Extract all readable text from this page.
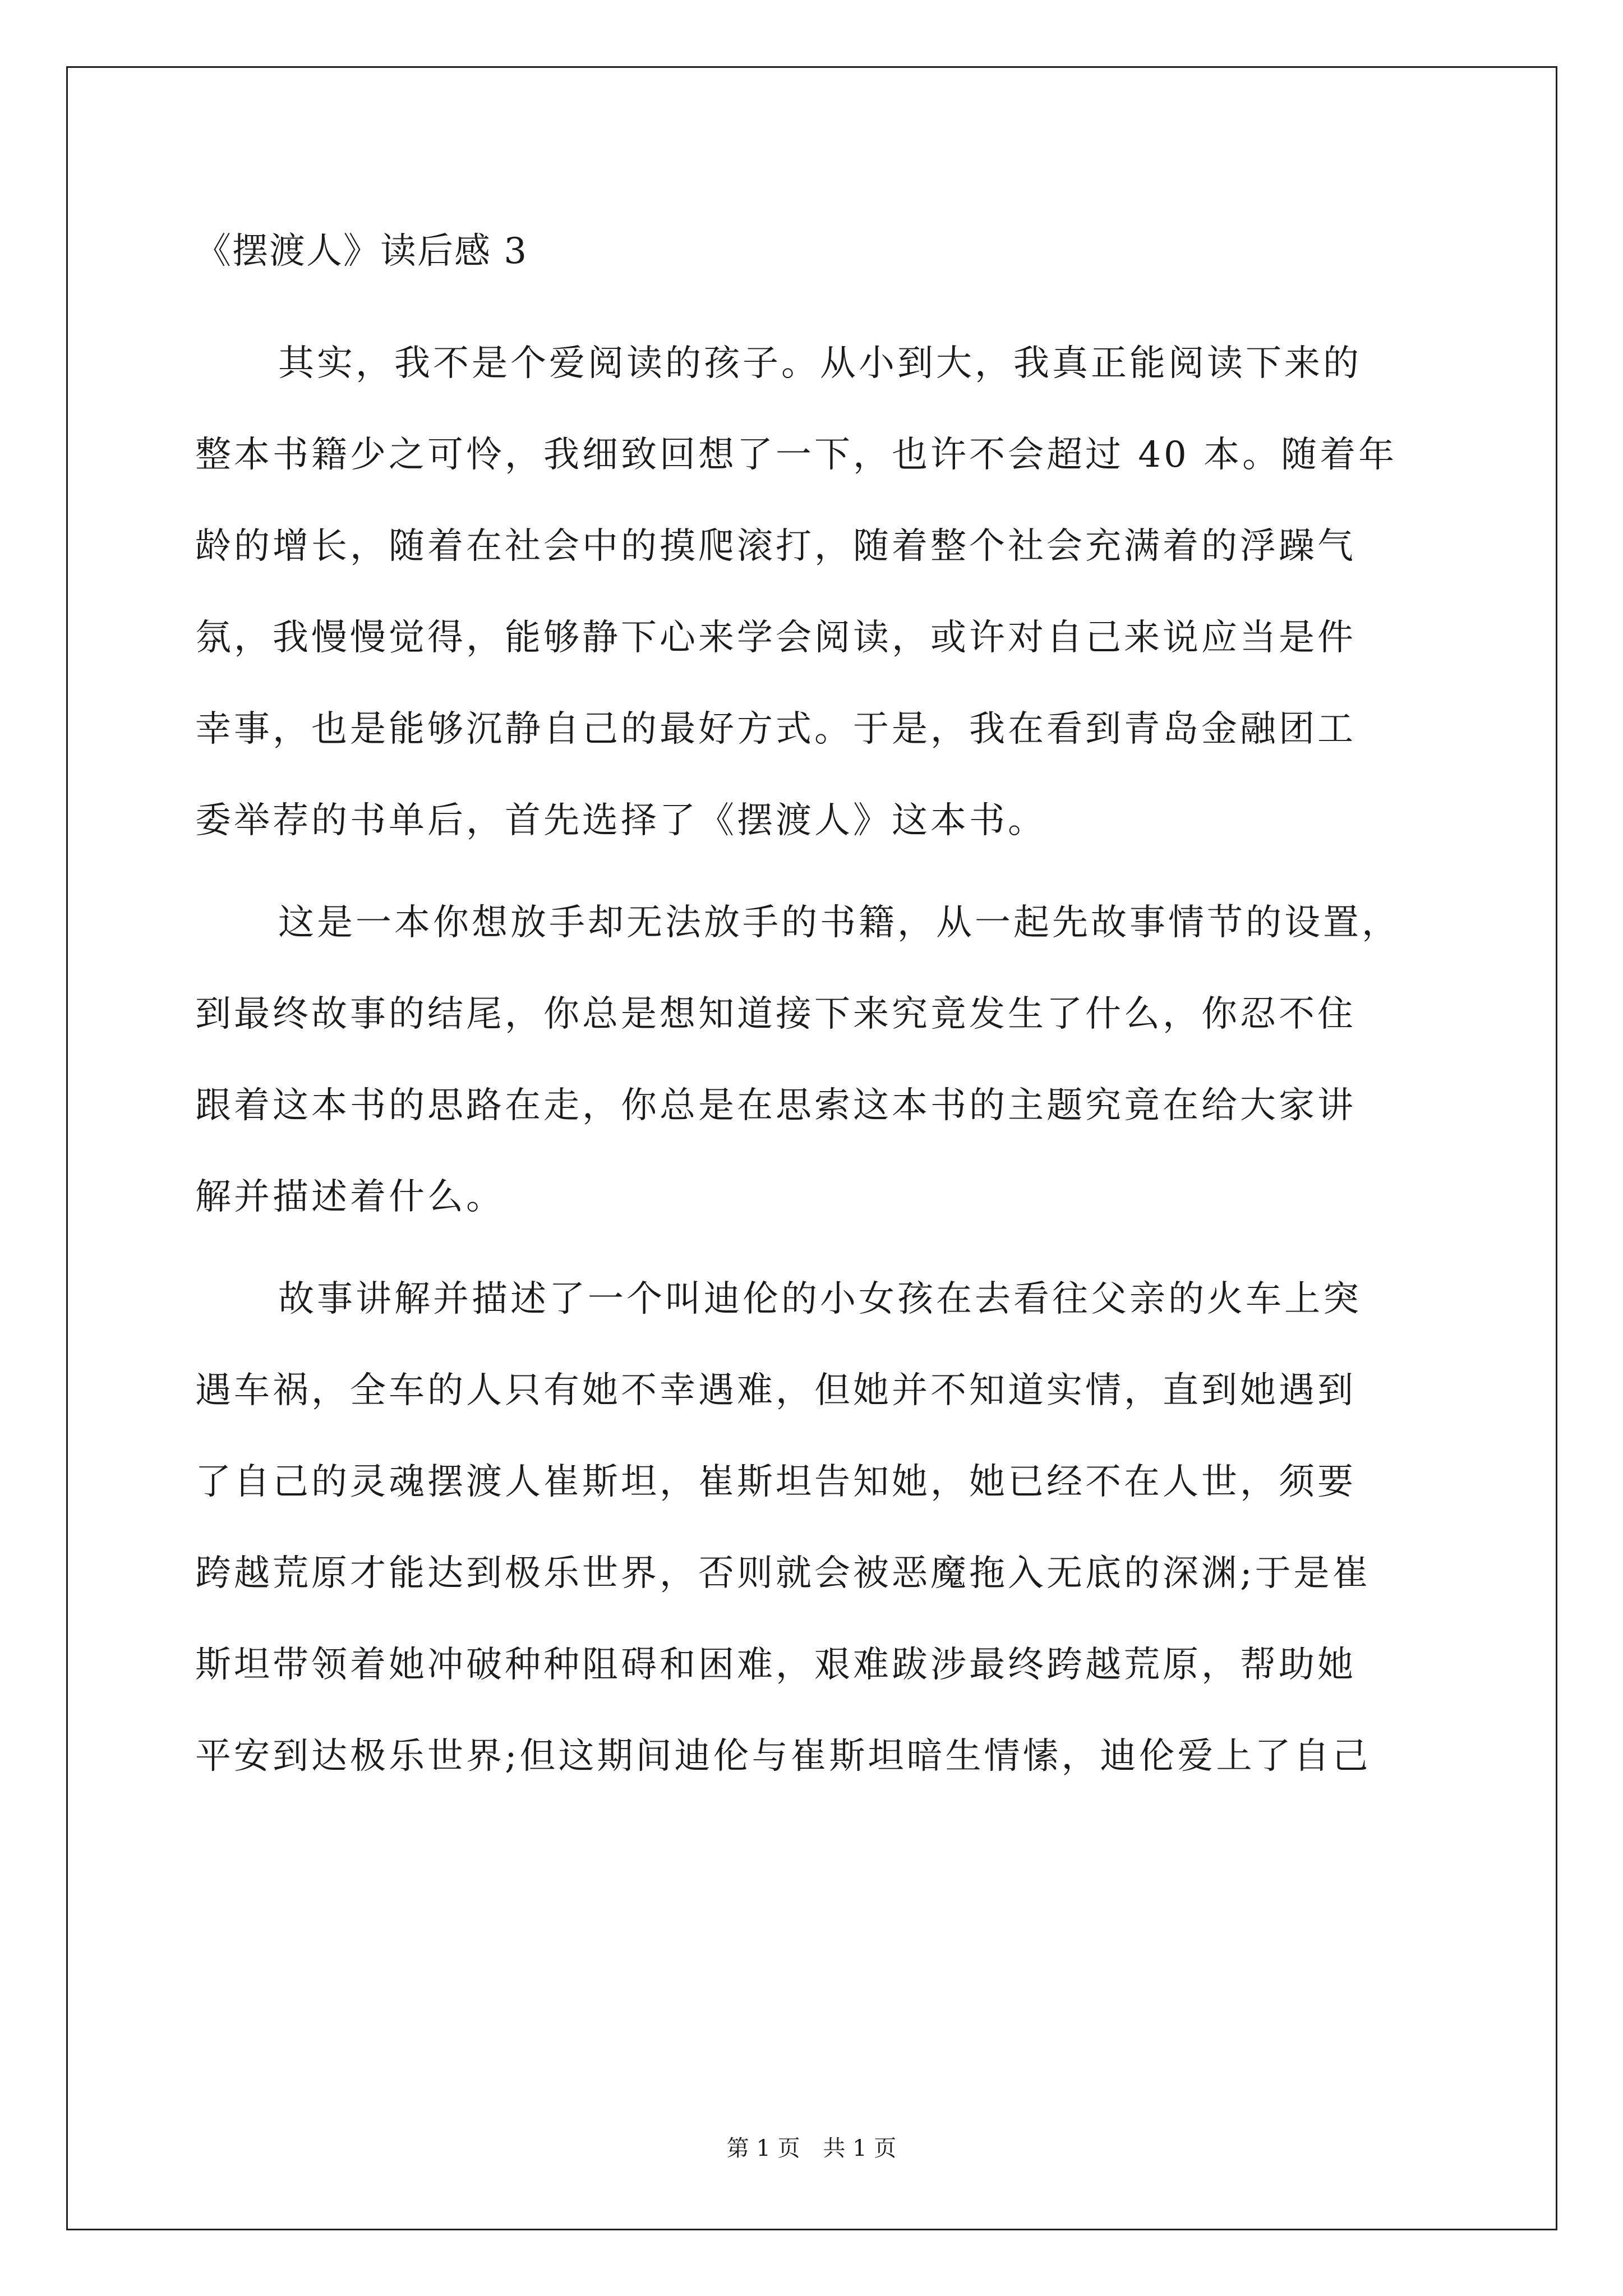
《摆渡人》读后感 3
其实，我不是个爱阅读的孩子。从小到大，我真正能阅读下来的
整本书籍少之可怜，我细致回想了一下，也许不会超过 40 本。随着年
龄的增长，随着在社会中的摸爬滚打，随着整个社会充满着的浮躁气
氛，我慢慢觉得，能够静下心来学会阅读，或许对自己来说应当是件
幸事，也是能够沉静自己的最好方式。于是，我在看到青岛金融团工
委举荐的书单后，首先选择了《摆渡人》这本书。
这是一本你想放手却无法放手的书籍，从一起先故事情节的设置，
到最终故事的结尾，你总是想知道接下来究竟发生了什么，你忍不住
跟着这本书的思路在走，你总是在思索这本书的主题究竟在给大家讲
解并描述着什么。
故事讲解并描述了一个叫迪伦的小女孩在去看往父亲的火车上突
遇车祸，全车的人只有她不幸遇难，但她并不知道实情，直到她遇到
了自己的灵魂摆渡人崔斯坦，崔斯坦告知她，她已经不在人世，须要
跨越荒原才能达到极乐世界，否则就会被恶魔拖入无底的深渊;于是崔
斯坦带领着她冲破种种阻碍和困难，艰难跋涉最终跨越荒原，帮助她
平安到达极乐世界;但这期间迪伦与崔斯坦暗生情愫，迪伦爱上了自己
第 1 页 共 1 页
